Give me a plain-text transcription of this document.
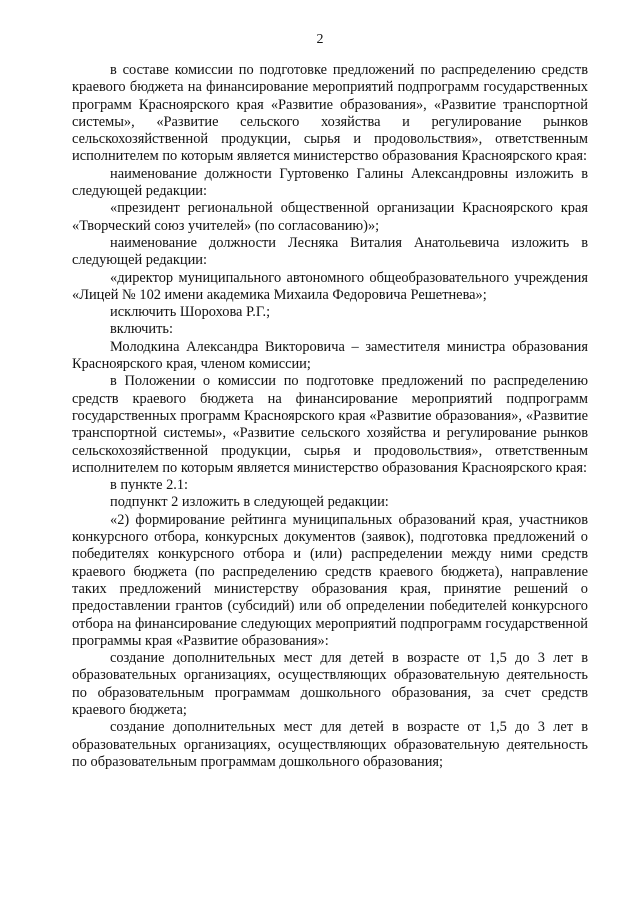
2

в составе комиссии по подготовке предложений по распределению средств краевого бюджета на финансирование мероприятий подпрограмм государственных программ Красноярского края «Развитие образования», «Развитие транспортной системы», «Развитие сельского хозяйства и регулирование рынков сельскохозяйственной продукции, сырья и продовольствия», ответственным исполнителем по которым является министерство образования Красноярского края:

наименование должности Гуртовенко Галины Александровны изложить в следующей редакции:

«президент региональной общественной организации Красноярского края «Творческий союз учителей» (по согласованию)»;

наименование должности Лесняка Виталия Анатольевича изложить в следующей редакции:

«директор муниципального автономного общеобразовательного учреждения «Лицей № 102 имени академика Михаила Федоровича Решетнева»;

исключить Шорохова Р.Г.;

включить:

Молодкина Александра Викторовича – заместителя министра образования Красноярского края, членом комиссии;

в Положении о комиссии по подготовке предложений по распределению средств краевого бюджета на финансирование мероприятий подпрограмм государственных программ Красноярского края «Развитие образования», «Развитие транспортной системы», «Развитие сельского хозяйства и регулирование рынков сельскохозяйственной продукции, сырья и продовольствия», ответственным исполнителем по которым является министерство образования Красноярского края:

в пункте 2.1:

подпункт 2 изложить в следующей редакции:

«2) формирование рейтинга муниципальных образований края, участников конкурсного отбора, конкурсных документов (заявок), подготовка предложений о победителях конкурсного отбора и (или) распределении между ними средств краевого бюджета (по распределению средств краевого бюджета), направление таких предложений министерству образования края, принятие решений о предоставлении грантов (субсидий) или об определении победителей конкурсного отбора на финансирование следующих мероприятий подпрограмм государственной программы края «Развитие образования»:

создание дополнительных мест для детей в возрасте от 1,5 до 3 лет в образовательных организациях, осуществляющих образовательную деятельность по образовательным программам дошкольного образования, за счет средств краевого бюджета;

создание дополнительных мест для детей в возрасте от 1,5 до 3 лет в образовательных организациях, осуществляющих образовательную деятельность по образовательным программам дошкольного образования;
